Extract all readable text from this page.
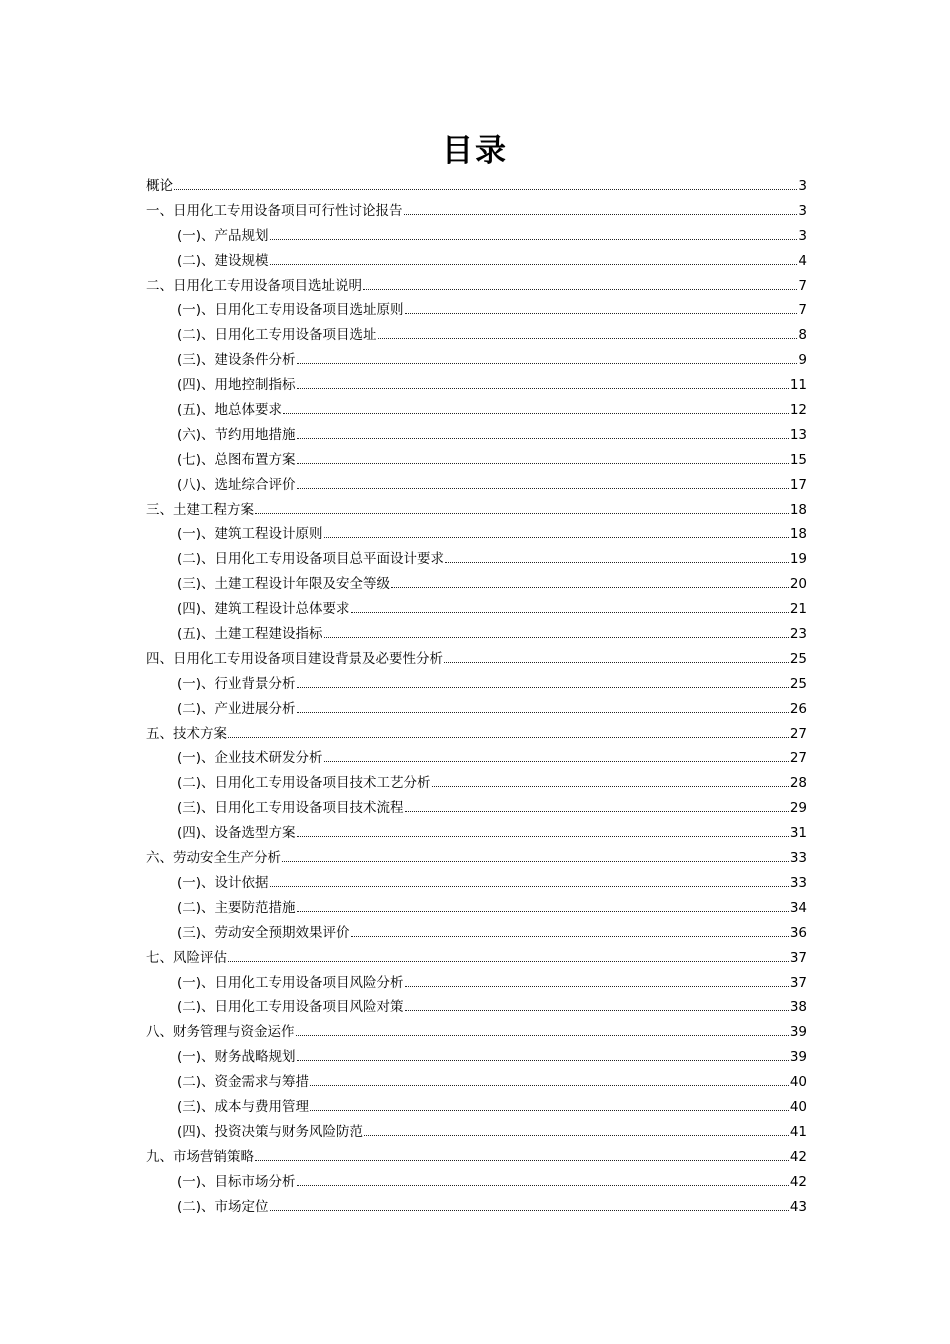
目录
概论	3
一、日用化工专用设备项目可行性讨论报告	3
(一)、产品规划	3
(二)、建设规模	4
二、日用化工专用设备项目选址说明	7
(一)、日用化工专用设备项目选址原则	7
(二)、日用化工专用设备项目选址	8
(三)、建设条件分析	9
(四)、用地控制指标	11
(五)、地总体要求	12
(六)、节约用地措施	13
(七)、总图布置方案	15
(八)、选址综合评价	17
三、土建工程方案	18
(一)、建筑工程设计原则	18
(二)、日用化工专用设备项目总平面设计要求	19
(三)、土建工程设计年限及安全等级	20
(四)、建筑工程设计总体要求	21
(五)、土建工程建设指标	23
四、日用化工专用设备项目建设背景及必要性分析	25
(一)、行业背景分析	25
(二)、产业进展分析	26
五、技术方案	27
(一)、企业技术研发分析	27
(二)、日用化工专用设备项目技术工艺分析	28
(三)、日用化工专用设备项目技术流程	29
(四)、设备选型方案	31
六、劳动安全生产分析	33
(一)、设计依据	33
(二)、主要防范措施	34
(三)、劳动安全预期效果评价	36
七、风险评估	37
(一)、日用化工专用设备项目风险分析	37
(二)、日用化工专用设备项目风险对策	38
八、财务管理与资金运作	39
(一)、财务战略规划	39
(二)、资金需求与筹措	40
(三)、成本与费用管理	40
(四)、投资决策与财务风险防范	41
九、市场营销策略	42
(一)、目标市场分析	42
(二)、市场定位	43
